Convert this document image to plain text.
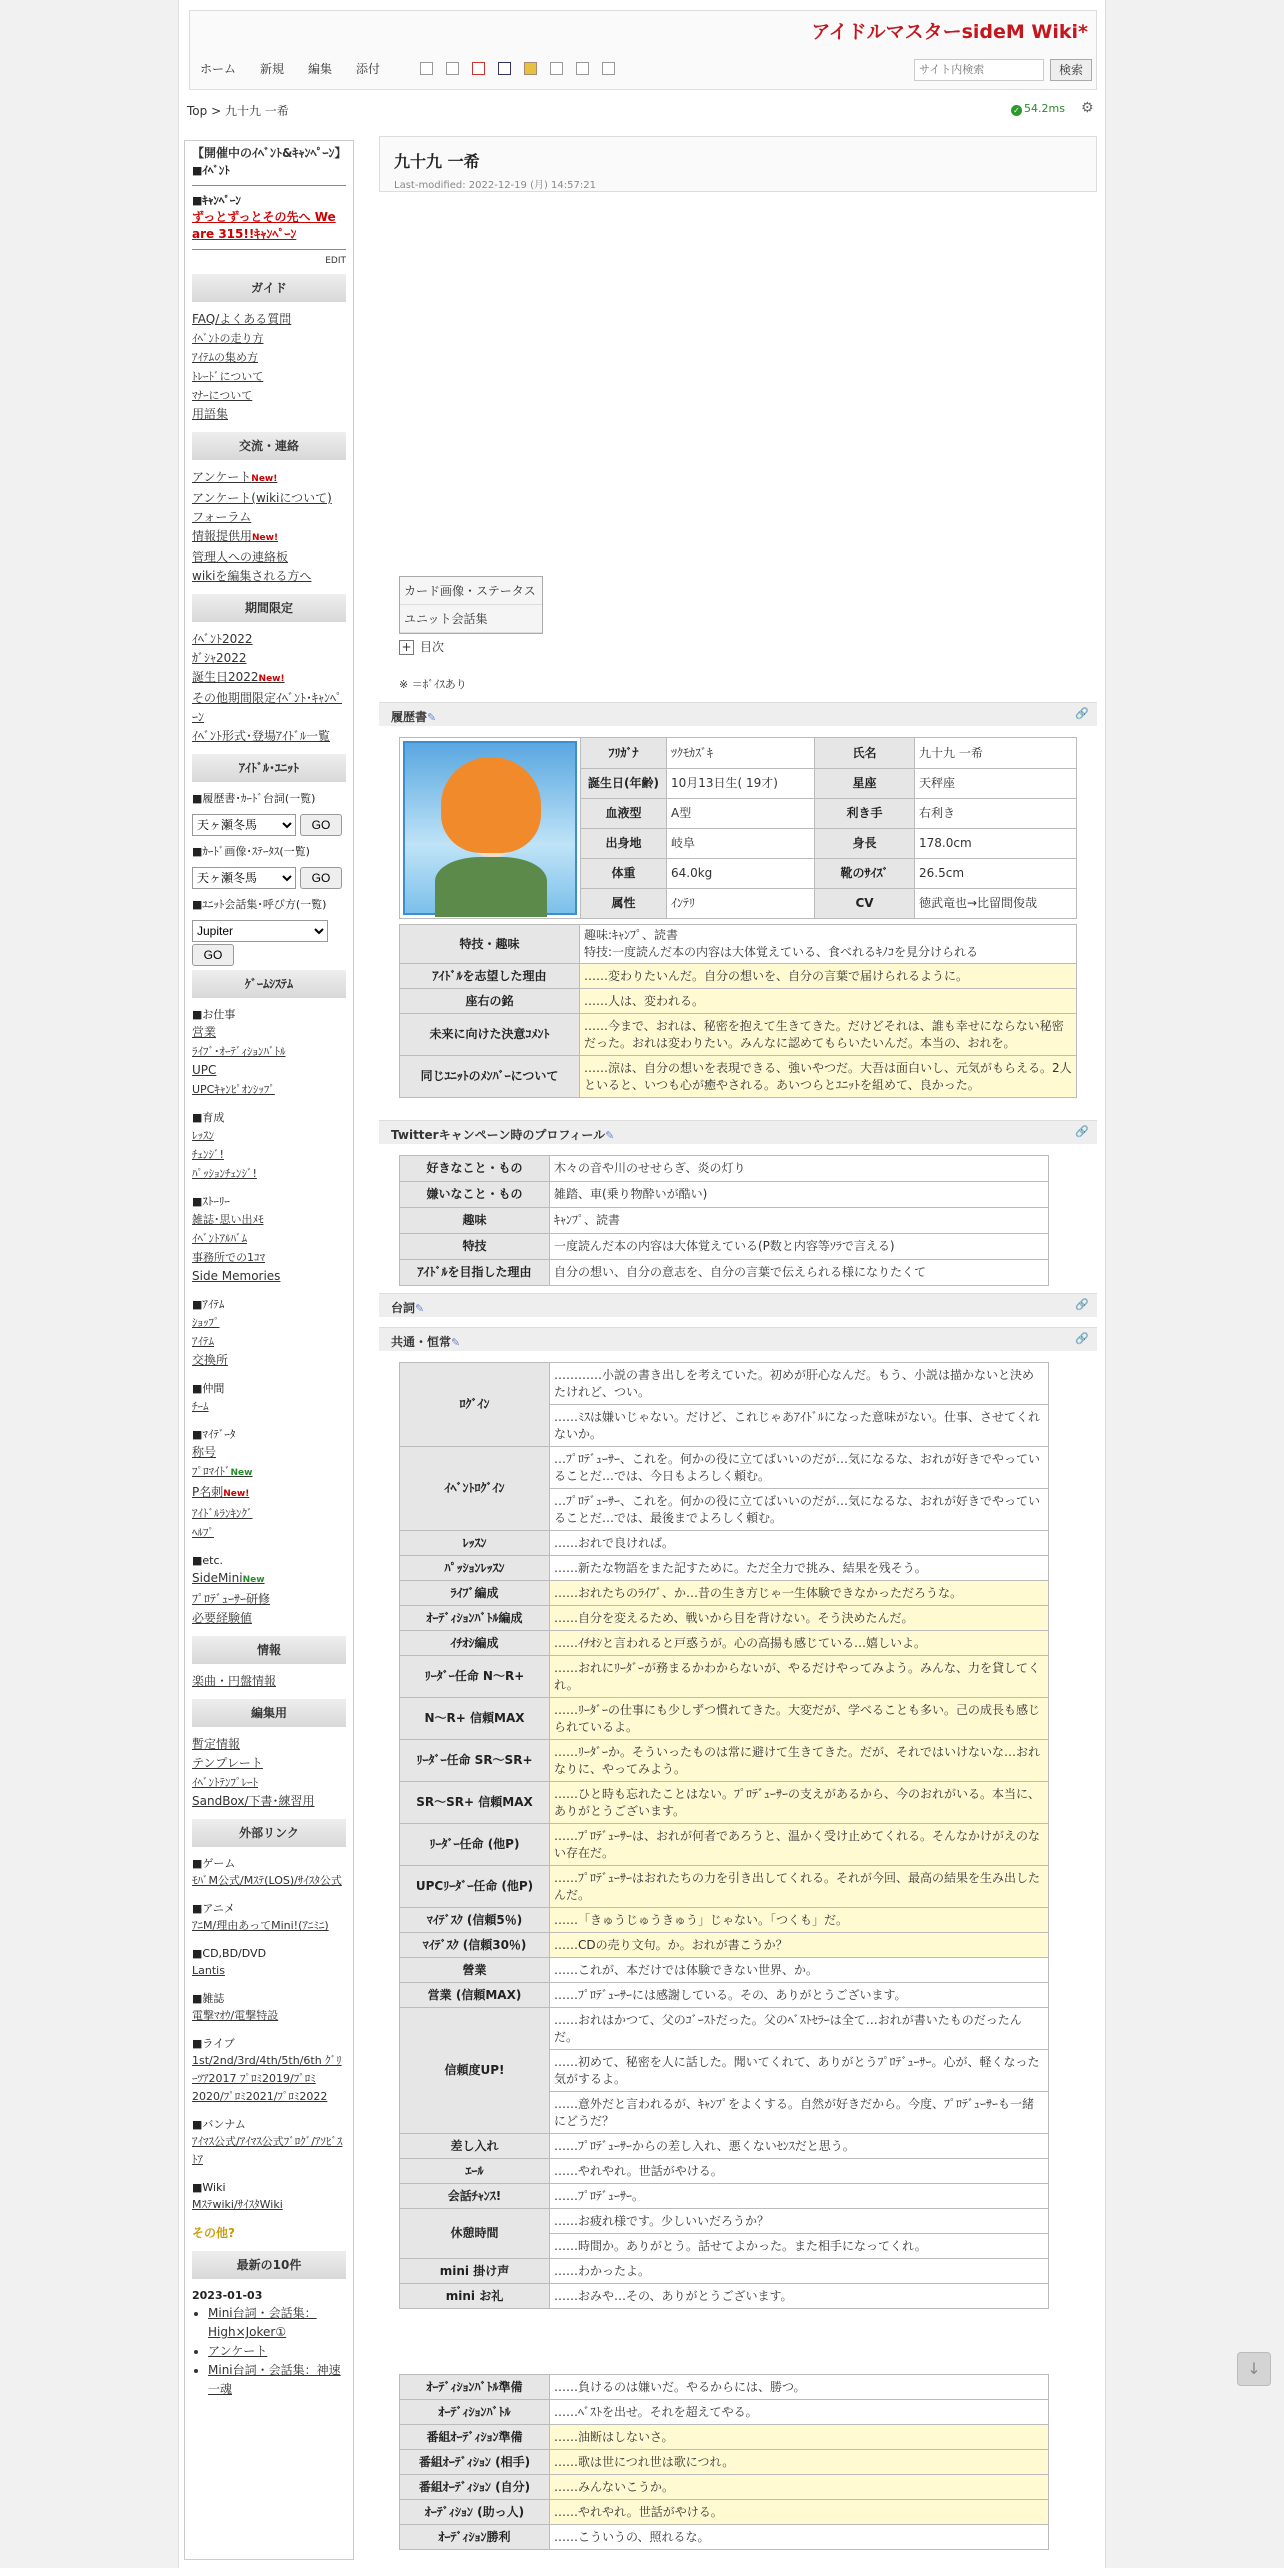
アイドルマスターsideM Wiki*
ホーム 新規 編集 添付
サイト内検索	検索
Top > 九十九 一希	✓ 54.2ms ⚙
【開催中のｲﾍﾞﾝﾄ&ｷｬﾝﾍﾟｰﾝ】
■ｲﾍﾞﾝﾄ
■ｷｬﾝﾍﾟｰﾝ
ずっとずっとその先へ We are 315!!ｷｬﾝﾍﾟｰﾝ
EDIT
ガイド
FAQ/よくある質問
ｲﾍﾞﾝﾄの走り方
ｱｲﾃﾑの集め方
ﾄﾚｰﾄﾞについて
ﾏﾅｰについて
用語集
交流・連絡
アンケートNew!
アンケート(wikiについて)
フォーラム
情報提供用New!
管理人への連絡板
wikiを編集される方へ
期間限定
ｲﾍﾞﾝﾄ2022
ｶﾞｼｬ2022
誕生日2022New!
その他期間限定ｲﾍﾞﾝﾄ･ｷｬﾝﾍﾟｰﾝ
ｲﾍﾞﾝﾄ形式･登場ｱｲﾄﾞﾙ一覧
ｱｲﾄﾞﾙ･ﾕﾆｯﾄ
■履歴書･ｶｰﾄﾞ台詞(一覧)
天ヶ瀬冬馬GO
■ｶｰﾄﾞ画像･ｽﾃｰﾀｽ(一覧)
天ヶ瀬冬馬GO
■ﾕﾆｯﾄ会話集･呼び方(一覧)
Jupiter
GO
ｹﾞｰﾑｼｽﾃﾑ
■お仕事
営業
ﾗｲﾌﾞ･ｵｰﾃﾞｨｼｮﾝﾊﾞﾄﾙ
UPC
UPCｷｬﾝﾋﾟｵﾝｼｯﾌﾟ
■育成
ﾚｯｽﾝ
ﾁｪﾝｼﾞ!
ﾊﾟｯｼｮﾝﾁｪﾝｼﾞ!
■ｽﾄｰﾘｰ
雑誌･思い出ﾒﾓ
ｲﾍﾞﾝﾄｱﾙﾊﾞﾑ
事務所での1ｺﾏ
Side Memories
■ｱｲﾃﾑ
ｼｮｯﾌﾟ
ｱｲﾃﾑ
交換所
■仲間
ﾁｰﾑ
■ﾏｲﾃﾞｰﾀ
称号
ﾌﾟﾛﾏｲﾄﾞNew
P名刺New!
ｱｲﾄﾞﾙﾗﾝｷﾝｸﾞ
ﾍﾙﾌﾟ
■etc.
SideMiniNew
ﾌﾟﾛﾃﾞｭｰｻｰ研修
必要経験値
情報
楽曲・円盤情報
編集用
暫定情報
テンプレート
ｲﾍﾞﾝﾄﾃﾝﾌﾟﾚｰﾄ
SandBox/下書･練習用
外部リンク
■ゲーム
ﾓﾊﾞM公式/Mｽﾃ(LOS)/ｻｲｽﾀ公式
■アニメ
ｱﾆM/理由あってMini!(ｱﾆﾐﾆ)
■CD,BD/DVD
Lantis
■雑誌
電撃ﾏｵｳ/電撃特設
■ライブ
1st/2nd/3rd/4th/5th/6th ｸﾞﾘｰﾂｱ2017 ﾌﾟﾛﾐ2019/ﾌﾟﾛﾐ2020/ﾌﾟﾛﾐ2021/ﾌﾟﾛﾐ2022
■バンナム
ｱｲﾏｽ公式/ｱｲﾏｽ公式ﾌﾞﾛｸﾞ/ｱｿﾋﾞｽﾄｱ
■Wiki
Mｽﾃwiki/ｻｲｽﾀWiki
その他?
最新の10件
2023-01-03
• Mini台詞・会話集：High×Joker①
• アンケート
• Mini台詞・会話集：神速一魂
九十九 一希
Last-modified: 2022-12-19 (月) 14:57:21
カード画像・ステータス
ユニット会話集
+ 目次
※ ＝ﾎﾞｲｽあり
履歴書✎	🔗
	ﾌﾘｶﾞﾅ	ﾂｸﾓｶｽﾞｷ	氏名	九十九 一希
	誕生日(年齢)	10月13日生( 19才)	星座	天秤座
	血液型	A型	利き手	右利き
	出身地	岐阜	身長	178.0cm
	体重	64.0kg	靴のｻｲｽﾞ	26.5cm
	属性	ｲﾝﾃﾘ	CV	徳武竜也→比留間俊哉
特技・趣味	趣味:ｷｬﾝﾌﾟ、読書
特技:一度読んだ本の内容は大体覚えている、食べれるｷﾉｺを見分けられる

ｱｲﾄﾞﾙを志望した理由	……変わりたいんだ。自分の想いを、自分の言葉で届けられるように。
座右の銘	……人は、変われる。
未来に向けた決意ｺﾒﾝﾄ	……今まで、おれは、秘密を抱えて生きてきた。だけどそれは、誰も幸せにならない秘密だった。おれは変わりたい。みんなに認めてもらいたいんだ。本当の、おれを。
同じﾕﾆｯﾄのﾒﾝﾊﾞｰについて	……涼は、自分の想いを表現できる、強いやつだ。大吾は面白いし、元気がもらえる。2人といると、いつも心が癒やされる。あいつらとﾕﾆｯﾄを組めて、良かった。
Twitterキャンペーン時のプロフィール✎	🔗
好きなこと・もの	木々の音や川のせせらぎ、炎の灯り
嫌いなこと・もの	雑踏、車(乗り物酔いが酷い)
趣味	ｷｬﾝﾌﾟ、読書
特技	一度読んだ本の内容は大体覚えている(P数と内容等ｿﾗで言える)
ｱｲﾄﾞﾙを目指した理由	自分の想い、自分の意志を、自分の言葉で伝えられる様になりたくて
台詞✎	🔗
共通・恒常✎	🔗
ﾛｸﾞｲﾝ	…………小説の書き出しを考えていた。初めが肝心なんだ。もう、小説は描かないと決めたけれど、つい。
	……ﾐｽは嫌いじゃない。だけど、これじゃあｱｲﾄﾞﾙになった意味がない。仕事、させてくれないか。
ｲﾍﾞﾝﾄﾛｸﾞｲﾝ	…ﾌﾟﾛﾃﾞｭｰｻｰ、これを。何かの役に立てばいいのだが…気になるな、おれが好きでやっていることだ…では、今日もよろしく頼む。
	…ﾌﾟﾛﾃﾞｭｰｻｰ、これを。何かの役に立てばいいのだが…気になるな、おれが好きでやっていることだ…では、最後までよろしく頼む。
ﾚｯｽﾝ	……おれで良ければ。
ﾊﾟｯｼｮﾝﾚｯｽﾝ	……新たな物語をまた記すために。ただ全力で挑み、結果を残そう。
ﾗｲﾌﾞ編成	……おれたちのﾗｲﾌﾞ、か…昔の生き方じゃ一生体験できなかっただろうな。
ｵｰﾃﾞｨｼｮﾝﾊﾞﾄﾙ編成	……自分を変えるため、戦いから目を背けない。そう決めたんだ。
ｲﾁｵｼ編成	……ｲﾁｵｼと言われると戸惑うが。心の高揚も感じている…嬉しいよ。
ﾘｰﾀﾞｰ任命 N～R+	……おれにﾘｰﾀﾞｰが務まるかわからないが、やるだけやってみよう。みんな、力を貸してくれ。
N～R+ 信頼MAX	……ﾘｰﾀﾞｰの仕事にも少しずつ慣れてきた。大変だが、学べることも多い。己の成長も感じられているよ。
ﾘｰﾀﾞｰ任命 SR～SR+	……ﾘｰﾀﾞｰか。そういったものは常に避けて生きてきた。だが、それではいけないな…おれなりに、やってみよう。
SR～SR+ 信頼MAX	……ひと時も忘れたことはない。ﾌﾟﾛﾃﾞｭｰｻｰの支えがあるから、今のおれがいる。本当に、ありがとうございます。
ﾘｰﾀﾞｰ任命 (他P)	……ﾌﾟﾛﾃﾞｭｰｻｰは、おれが何者であろうと、温かく受け止めてくれる。そんなかけがえのない存在だ。
UPCﾘｰﾀﾞｰ任命 (他P)	……ﾌﾟﾛﾃﾞｭｰｻｰはおれたちの力を引き出してくれる。それが今回、最高の結果を生み出したんだ。
ﾏｲﾃﾞｽｸ (信頼5％)	……「きゅうじゅうきゅう」じゃない。「つくも」だ。
ﾏｲﾃﾞｽｸ (信頼30％)	……CDの売り文句。か。おれが書こうか？
營業	……これが、本だけでは体験できない世界、か。
営業 (信頼MAX)	……ﾌﾟﾛﾃﾞｭｰｻｰには感謝している。その、ありがとうございます。
信頼度UP!	……おれはかつて、父のｺﾞｰｽﾄだった。父のﾍﾞｽﾄｾﾗｰは全て…おれが書いたものだったんだ。
	……初めて、秘密を人に話した。聞いてくれて、ありがとうﾌﾟﾛﾃﾞｭｰｻｰ。心が、軽くなった気がするよ。
	……意外だと言われるが、ｷｬﾝﾌﾟをよくする。自然が好きだから。今度、ﾌﾟﾛﾃﾞｭｰｻｰも一緒にどうだ？
差し入れ	……ﾌﾟﾛﾃﾞｭｰｻｰからの差し入れ、悪くないｾﾝｽだと思う。
ｴｰﾙ	……やれやれ。世話がやける。
会話ﾁｬﾝｽ!	……ﾌﾟﾛﾃﾞｭｰｻｰ。
休憩時間	……お疲れ様です。少しいいだろうか？
	……時間か。ありがとう。話せてよかった。また相手になってくれ。
mini 掛け声	……わかったよ。
mini お礼	……おみや…その、ありがとうございます。
ｵｰﾃﾞｨｼｮﾝﾊﾞﾄﾙ準備	……負けるのは嫌いだ。やるからには、勝つ。
ｵｰﾃﾞｨｼｮﾝﾊﾞﾄﾙ	……ﾍﾞｽﾄを出せ。それを超えてやる。
番組ｵｰﾃﾞｨｼｮﾝ準備	……油断はしないさ。
番組ｵｰﾃﾞｨｼｮﾝ (相手)	……歌は世につれ世は歌につれ。
番組ｵｰﾃﾞｨｼｮﾝ (自分)	……みんないこうか。
ｵｰﾃﾞｨｼｮﾝ (助っ人)	……やれやれ。世話がやける。
ｵｰﾃﾞｨｼｮﾝ勝利	……こういうの、照れるな。
↓
